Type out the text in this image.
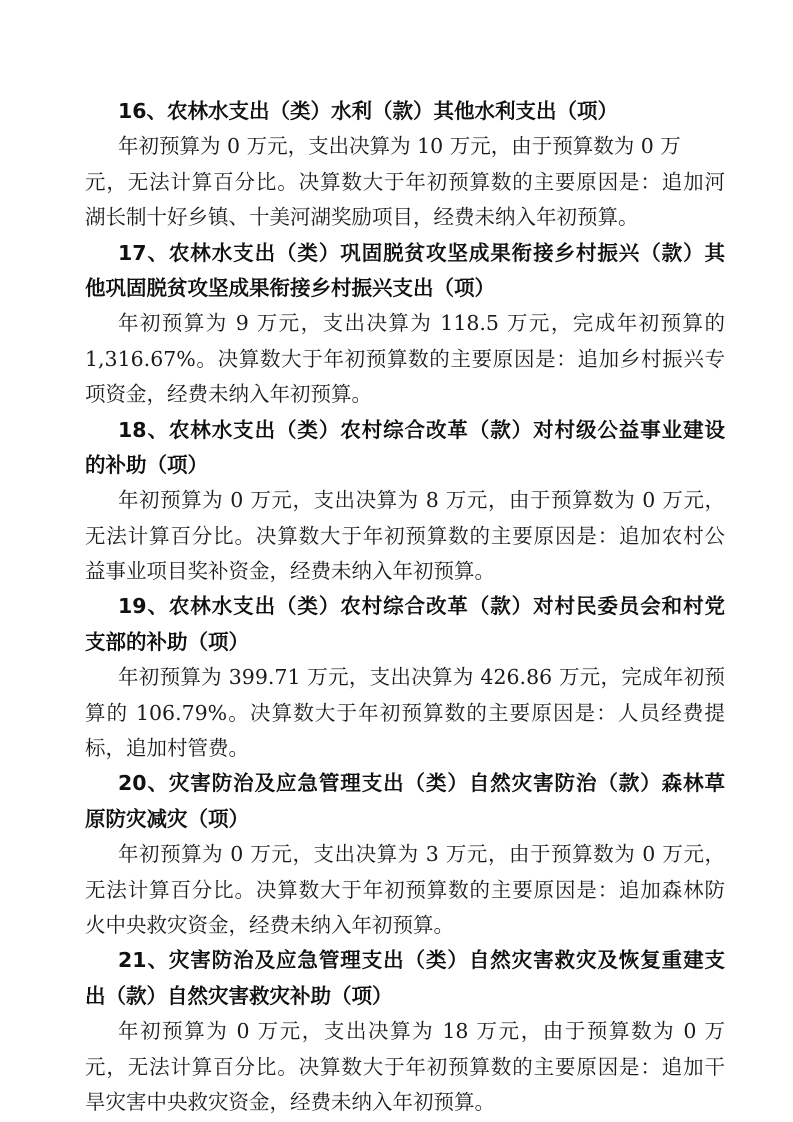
16、农林水支出（类）水利（款）其他水利支出（项）
年初预算为 0 万元，支出决算为 10 万元，由于预算数为 0 万
元，无法计算百分比。决算数大于年初预算数的主要原因是：追加河
湖长制十好乡镇、十美河湖奖励项目，经费未纳入年初预算。
17、农林水支出（类）巩固脱贫攻坚成果衔接乡村振兴（款）其
他巩固脱贫攻坚成果衔接乡村振兴支出（项）
年初预算为 9 万元，支出决算为 118.5 万元，完成年初预算的
1,316.67%。决算数大于年初预算数的主要原因是：追加乡村振兴专
项资金，经费未纳入年初预算。
18、农林水支出（类）农村综合改革（款）对村级公益事业建设
的补助（项）
年初预算为 0 万元，支出决算为 8 万元，由于预算数为 0 万元，
无法计算百分比。决算数大于年初预算数的主要原因是：追加农村公
益事业项目奖补资金，经费未纳入年初预算。
19、农林水支出（类）农村综合改革（款）对村民委员会和村党
支部的补助（项）
年初预算为 399.71 万元，支出决算为 426.86 万元，完成年初预
算的 106.79%。决算数大于年初预算数的主要原因是：人员经费提
标，追加村管费。
20、灾害防治及应急管理支出（类）自然灾害防治（款）森林草
原防灾减灾（项）
年初预算为 0 万元，支出决算为 3 万元，由于预算数为 0 万元，
无法计算百分比。决算数大于年初预算数的主要原因是：追加森林防
火中央救灾资金，经费未纳入年初预算。
21、灾害防治及应急管理支出（类）自然灾害救灾及恢复重建支
出（款）自然灾害救灾补助（项）
年初预算为 0 万元，支出决算为 18 万元，由于预算数为 0 万
元，无法计算百分比。决算数大于年初预算数的主要原因是：追加干
旱灾害中央救灾资金，经费未纳入年初预算。
